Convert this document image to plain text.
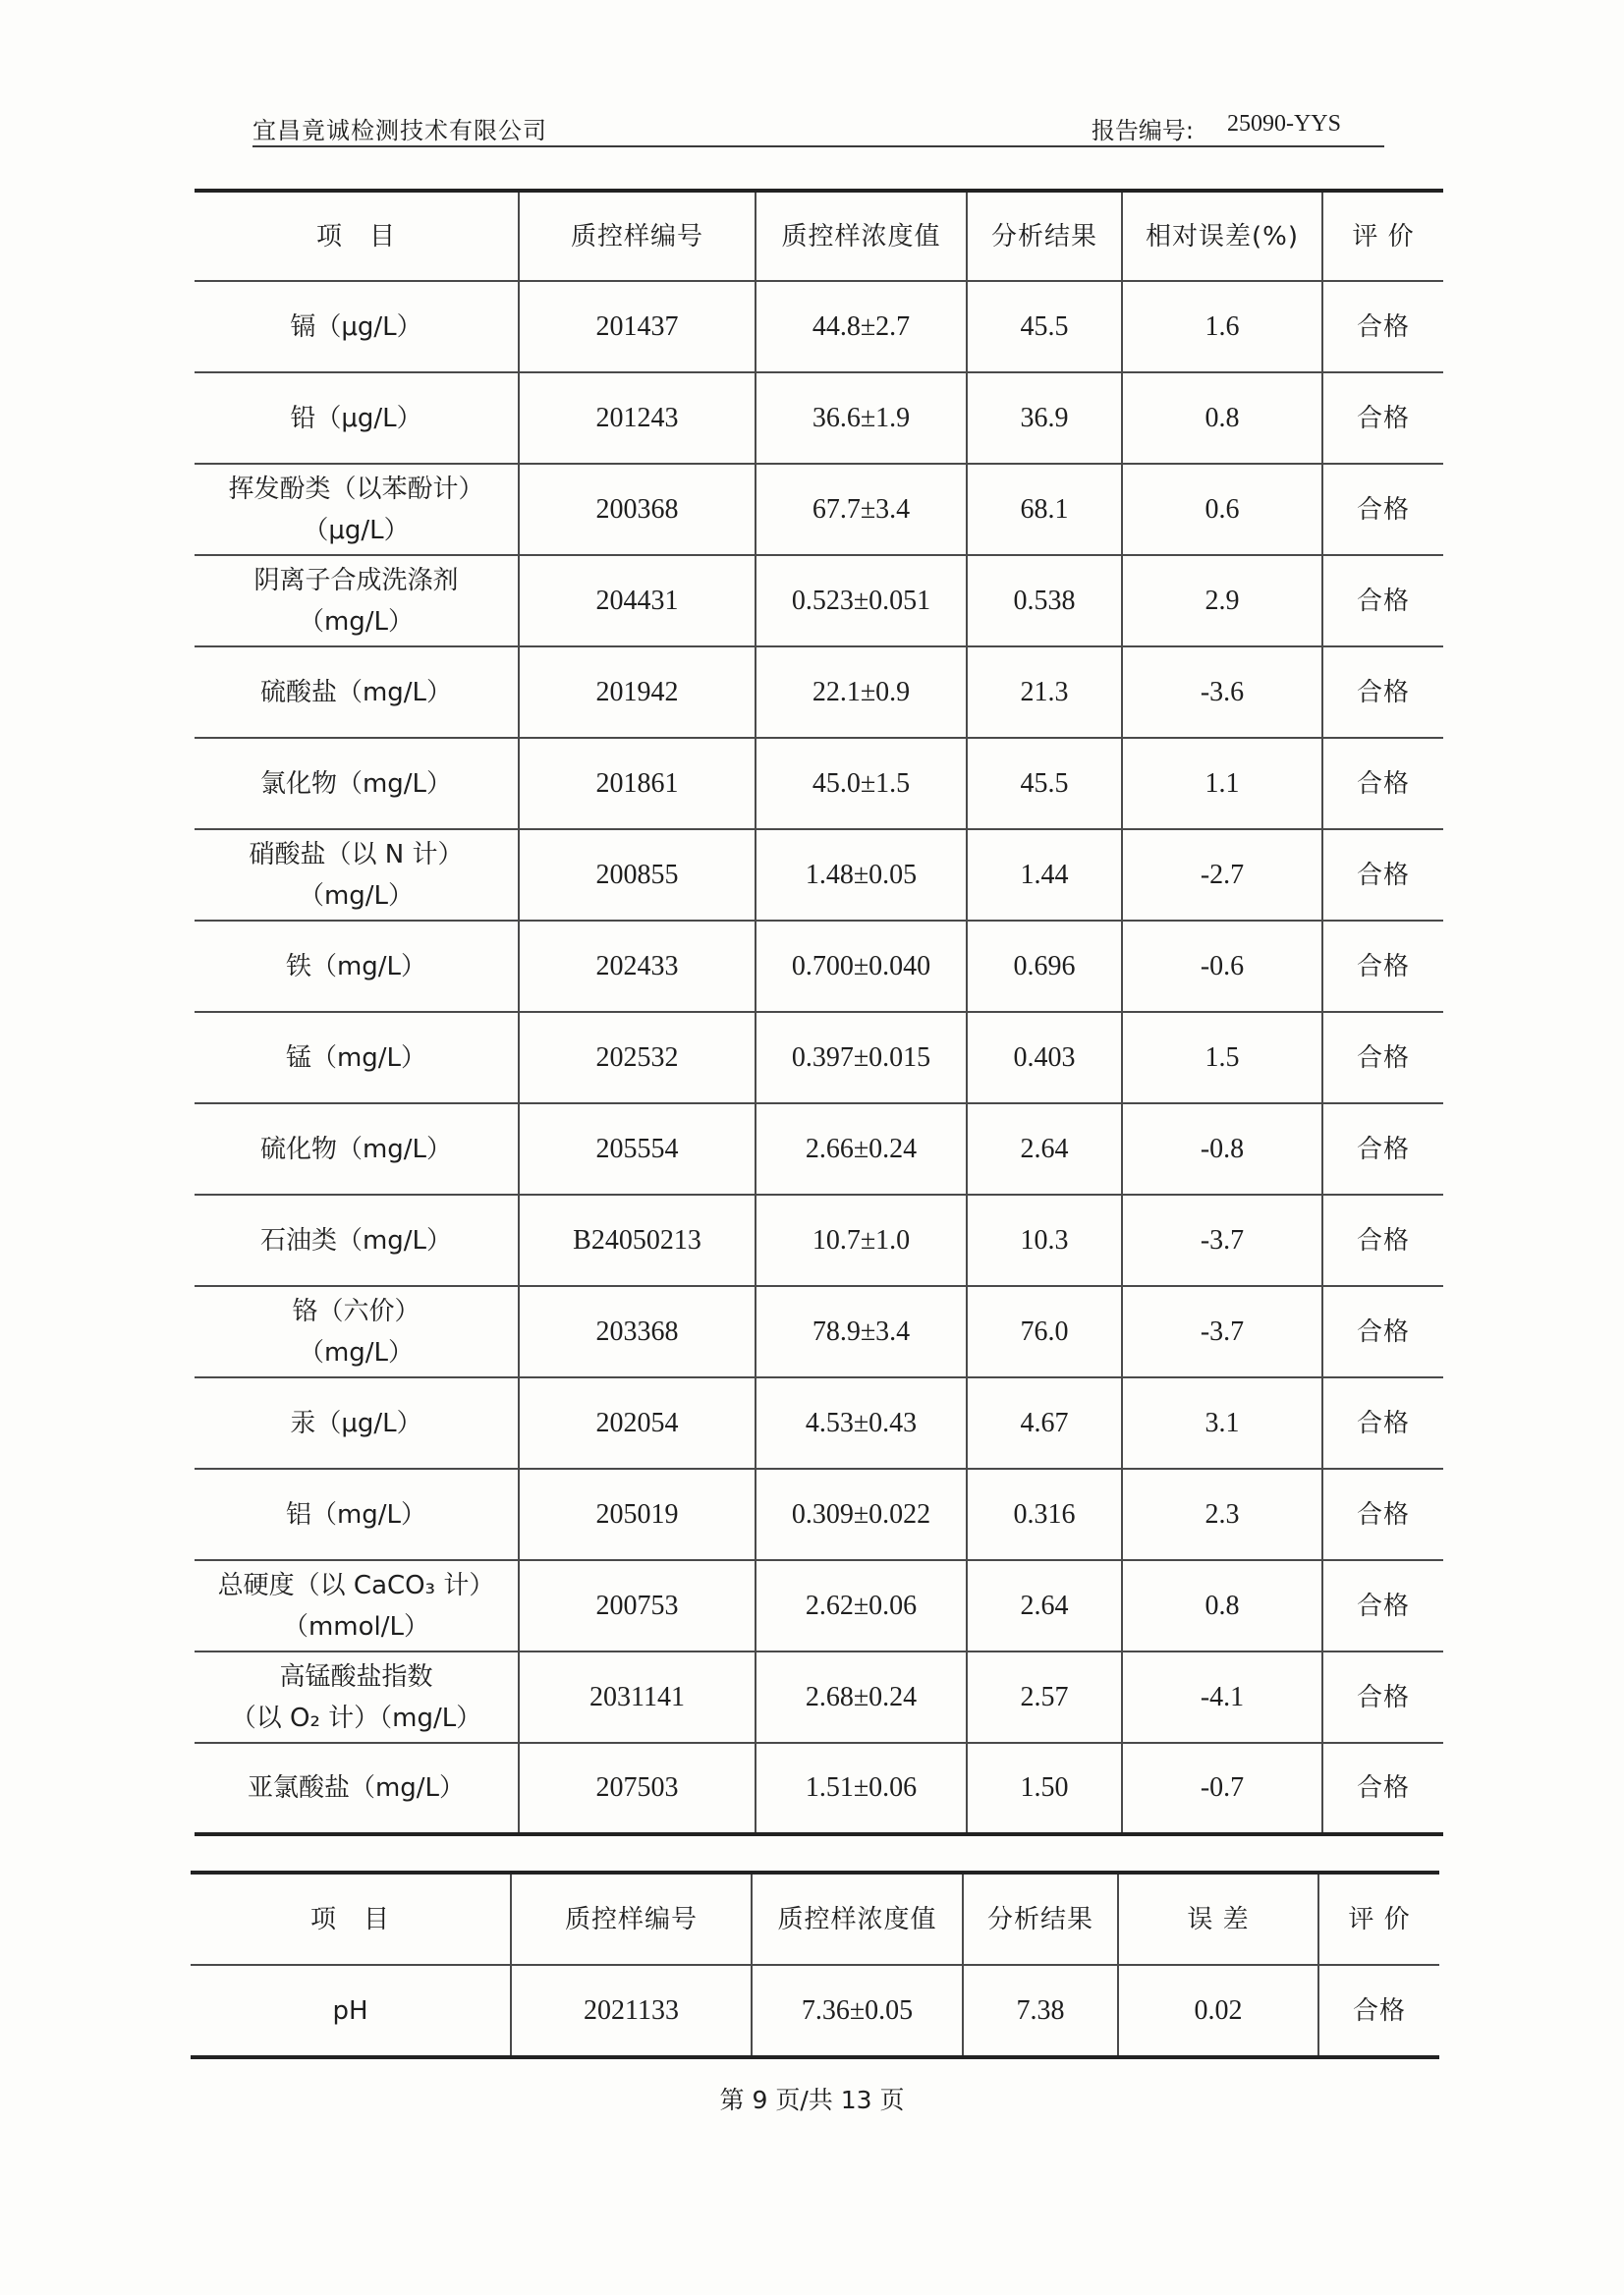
宜昌竟诚检测技术有限公司	报告编号: 25090-YYS
项　目	质控样编号	质控样浓度值	分析结果	相对误差(%)	评 价

镉（μg/L）	201437	44.8±2.7	45.5	1.6	合格

铅（μg/L）	201243	36.6±1.9	36.9	0.8	合格

挥发酚类（以苯酚计）
（μg/L）	200368	67.7±3.4	68.1	0.6	合格

阴离子合成洗涤剂
（mg/L）	204431	0.523±0.051	0.538	2.9	合格

硫酸盐（mg/L）	201942	22.1±0.9	21.3	-3.6	合格

氯化物（mg/L）	201861	45.0±1.5	45.5	1.1	合格

硝酸盐（以 N 计）
（mg/L）	200855	1.48±0.05	1.44	-2.7	合格

铁（mg/L）	202433	0.700±0.040	0.696	-0.6	合格

锰（mg/L）	202532	0.397±0.015	0.403	1.5	合格

硫化物（mg/L）	205554	2.66±0.24	2.64	-0.8	合格

石油类（mg/L）	B24050213	10.7±1.0	10.3	-3.7	合格

铬（六价）
（mg/L）	203368	78.9±3.4	76.0	-3.7	合格

汞（μg/L）	202054	4.53±0.43	4.67	3.1	合格

铝（mg/L）	205019	0.309±0.022	0.316	2.3	合格

总硬度（以 CaCO₃ 计）
（mmol/L）	200753	2.62±0.06	2.64	0.8	合格

高锰酸盐指数
（以 O₂ 计）（mg/L）	2031141	2.68±0.24	2.57	-4.1	合格

亚氯酸盐（mg/L）	207503	1.51±0.06	1.50	-0.7	合格
项　目	质控样编号	质控样浓度值	分析结果	误 差	评 价

pH	2021133	7.36±0.05	7.38	0.02	合格
第 9 页/共 13 页
